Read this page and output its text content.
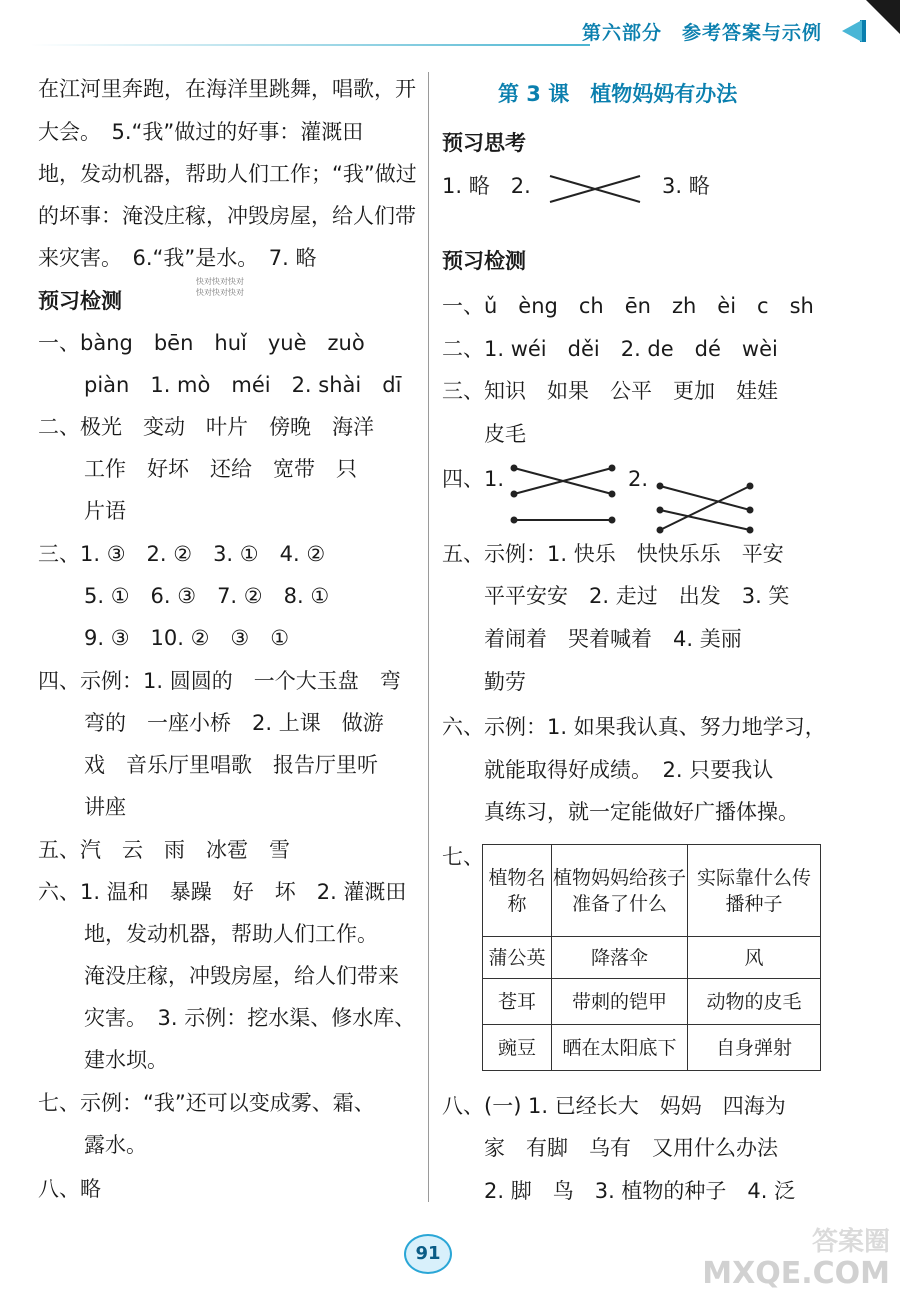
第六部分　参考答案与示例
在江河里奔跑，在海洋里跳舞，唱歌，开
大会。　5.“我”做过的好事：灌溉田
地，发动机器，帮助人们工作；“我”做过
的坏事：淹没庄稼，冲毁房屋，给人们带
来灾害。　6.“我”是水。　7. 略
快对快对快对
快对快对快对
预习检测
一、bàng　bēn　huǐ　yuè　zuò
piàn　1. mò　méi　2. shài　dī
二、极光　变动　叶片　傍晚　海洋
工作　好坏　还给　宽带　只
片语
三、1. ③　2. ②　3. ①　4. ②
5. ①　6. ③　7. ②　8. ①
9. ③　10. ②　③　①
四、示例：1. 圆圆的　一个大玉盘　弯
弯的　一座小桥　2. 上课　做游
戏　音乐厅里唱歌　报告厅里听
讲座
五、汽　云　雨　冰雹　雪
六、1. 温和　暴躁　好　坏　2. 灌溉田
地，发动机器，帮助人们工作。
淹没庄稼，冲毁房屋，给人们带来
灾害。　3. 示例：挖水渠、修水库、
建水坝。
七、示例：“我”还可以变成雾、霜、
露水。
八、略
第 3 课　植物妈妈有办法
预习思考
1. 略　2.	3. 略
预习检测
一、ǔ　èng　ch　ēn　zh　èi　c　sh
二、1. wéi　děi　2. de　dé　wèi
三、知识　如果　公平　更加　娃娃
皮毛
四、1.	2.
五、示例：1. 快乐　快快乐乐　平安
平平安安　2. 走过　出发　3. 笑
着闹着　哭着喊着　4. 美丽
勤劳
六、示例：1. 如果我认真、努力地学习，
就能取得好成绩。　2. 只要我认
真练习，就一定能做好广播体操。
七、
植物名称	植物妈妈给孩子准备了什么	实际靠什么传播种子
蒲公英	降落伞	风
苍耳	带刺的铠甲	动物的皮毛
豌豆	晒在太阳底下	自身弹射
八、(一) 1. 已经长大　妈妈　四海为
家　有脚　乌有　又用什么办法
2. 脚　鸟　3. 植物的种子　4. 泛
91	答案圈
MXQE.COM
